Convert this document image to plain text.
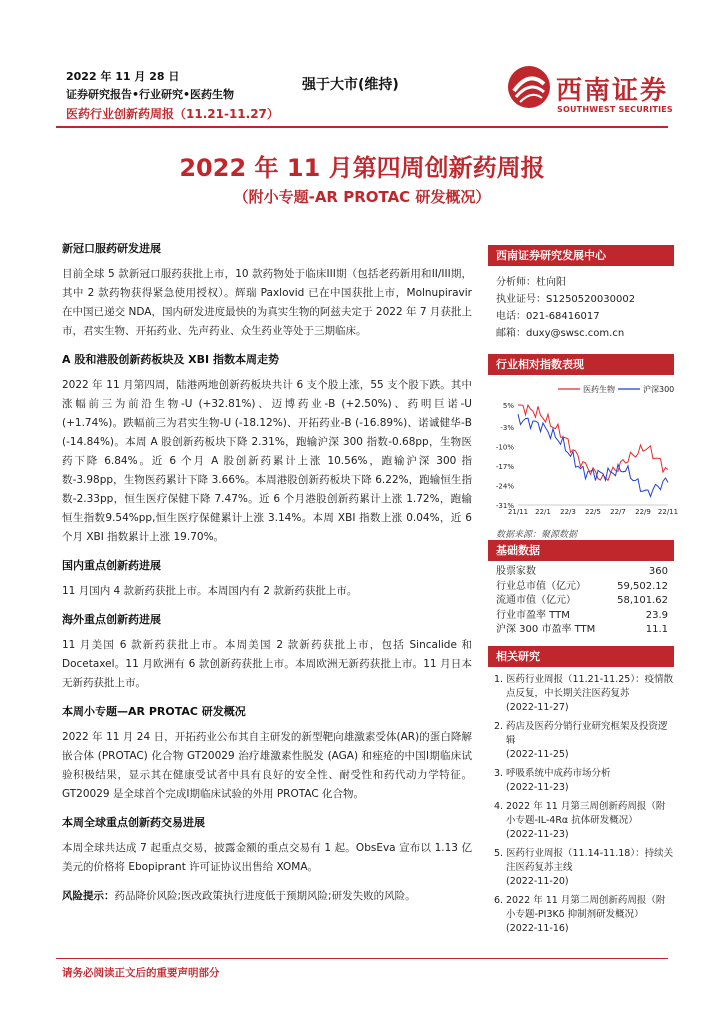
2022 年 11 月 28 日
证券研究报告•行业研究•医药生物
医药行业创新药周报（11.21-11.27）
强于大市(维持)	西南证券
SOUTHWEST SECURITIES
2022 年 11 月第四周创新药周报
（附小专题-AR PROTAC 研发概况）
新冠口服药研发进展
目前全球 5 款新冠口服药获批上市，10 款药物处于临床III期（包括老药新用和II/III期，其中 2 款药物获得紧急使用授权）。辉瑞 Paxlovid 已在中国获批上市，Molnupiravir 在中国已递交 NDA，国内研发进度最快的为真实生物的阿兹夫定于 2022 年 7 月获批上市，君实生物、开拓药业、先声药业、众生药业等处于三期临床。
A 股和港股创新药板块及 XBI 指数本周走势
2022 年 11 月第四周，陆港两地创新药板块共计 6 支个股上涨，55 支个股下跌。其中涨幅前三为前沿生物-U (+32.81%)、迈博药业-B (+2.50%)、药明巨诺-U (+1.74%)。跌幅前三为君实生物-U (-18.12%)、开拓药业-B (-16.89%)、诺诚健华-B (-14.84%)。本周 A 股创新药板块下降 2.31%，跑输沪深 300 指数-0.68pp，生物医药下降 6.84%。近 6 个月 A 股创新药累计上涨 10.56%，跑输沪深 300 指数-3.98pp，生物医药累计下降 3.66%。本周港股创新药板块下降 6.22%，跑输恒生指数-2.33pp，恒生医疗保健下降 7.47%。近 6 个月港股创新药累计上涨 1.72%，跑输恒生指数9.54%pp,恒生医疗保健累计上涨 3.14%。本周 XBI 指数上涨 0.04%，近 6 个月 XBI 指数累计上涨 19.70%。
国内重点创新药进展
11 月国内 4 款新药获批上市。本周国内有 2 款新药获批上市。
海外重点创新药进展
11 月美国 6 款新药获批上市。本周美国 2 款新药获批上市，包括 Sincalide 和 Docetaxel。11 月欧洲有 6 款创新药获批上市。本周欧洲无新药获批上市。11 月日本无新药获批上市。
本周小专题—AR PROTAC 研发概况
2022 年 11 月 24 日，开拓药业公布其自主研发的新型靶向雄激素受体(AR)的蛋白降解嵌合体 (PROTAC) 化合物 GT20029 治疗雄激素性脱发 (AGA) 和痤疮的中国I期临床试验积极结果，显示其在健康受试者中具有良好的安全性、耐受性和药代动力学特征。GT20029 是全球首个完成I期临床试验的外用 PROTAC 化合物。
本周全球重点创新药交易进展
本周全球共达成 7 起重点交易，披露金额的重点交易有 1 起。ObsEva 宣布以 1.13 亿美元的价格将 Ebopiprant 许可证协议出售给 XOMA。
风险提示：药品降价风险;医改政策执行进度低于预期风险;研发失败的风险。
西南证券研究发展中心
分析师：杜向阳
执业证号：S1250520030002
电话：021-68416017
邮箱：duxy@swsc.com.cn
行业相对指数表现
医药生物	沪深300
5%
-3%
-10%
-17%
-24%
-31%
21/11 22/1 22/3 22/5 22/7 22/9 22/11
数据来源：聚源数据
基础数据
股票家数	360
行业总市值（亿元）	59,502.12
流通市值（亿元）	58,101.62
行业市盈率 TTM	23.9
沪深 300 市盈率 TTM	11.1
相关研究
1. 医药行业周报（11.21-11.25）：疫情散点反复，中长期关注医药复苏
(2022-11-27)
2. 药店及医药分销行业研究框架及投资逻辑
(2022-11-25)
3. 呼吸系统中成药市场分析
(2022-11-23)
4. 2022 年 11 月第三周创新药周报（附小专题-IL-4Rα 抗体研发概况）
(2022-11-23)
5. 医药行业周报（11.14-11.18）：持续关注医药复苏主线
(2022-11-20)
6. 2022 年 11 月第二周创新药周报（附小专题-PI3Kδ 抑制剂研发概况）
(2022-11-16)
请务必阅读正文后的重要声明部分
